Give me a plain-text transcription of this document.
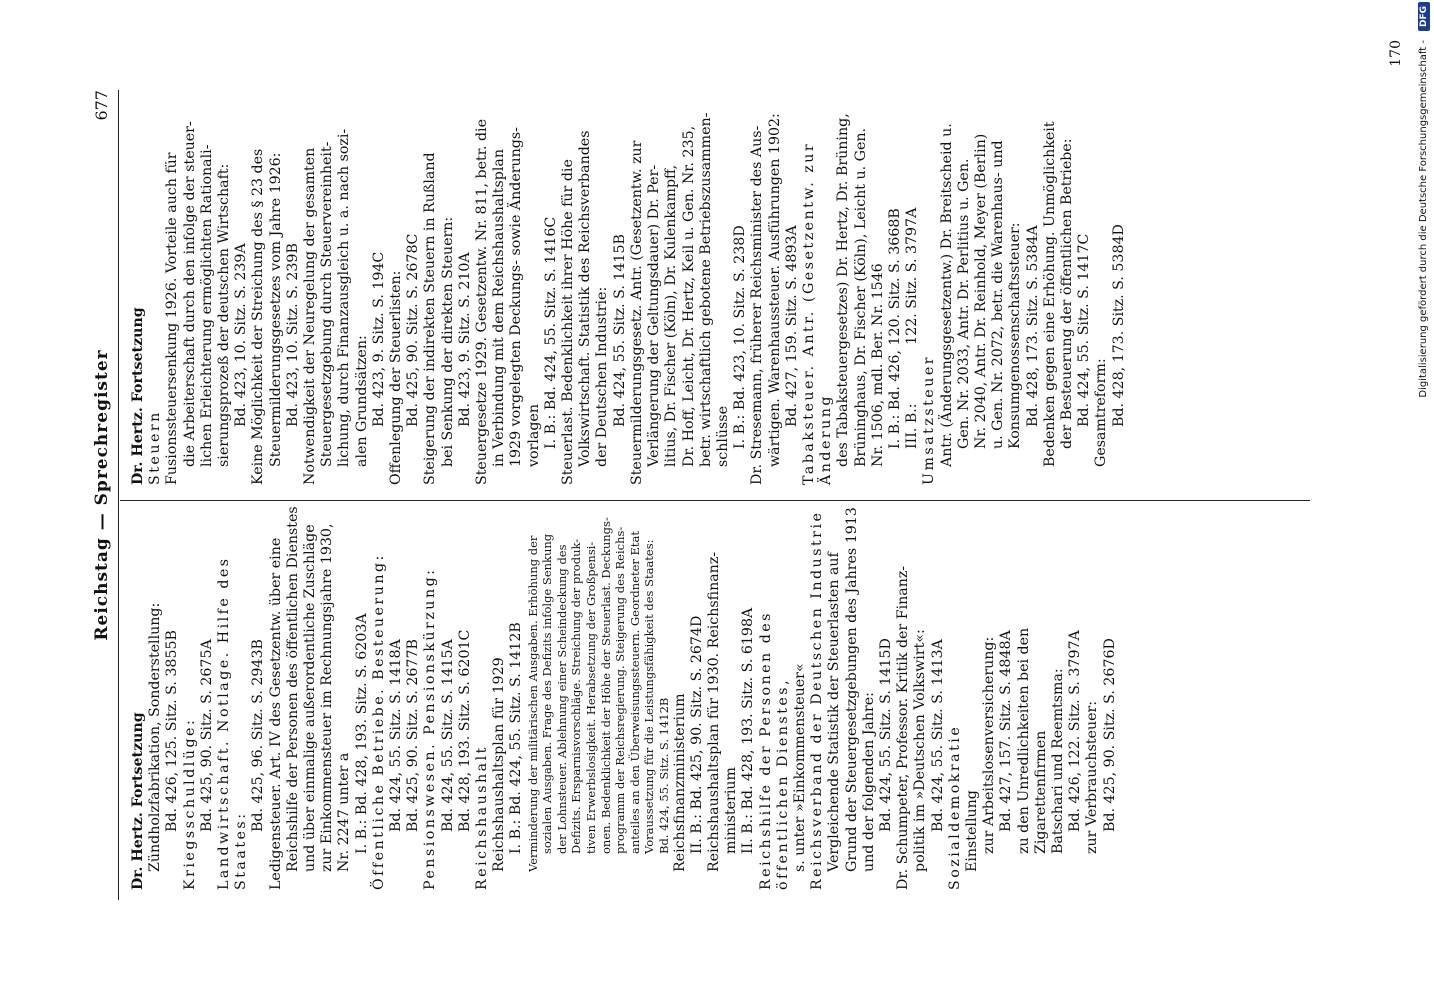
Reichstag — Sprechregister
677
Dr. Hertz. Fortsetzung Zündholzfabrikation, Sonderstellung: Bd. 426, 125. Sitz. S. 3855B Kriegsschuldlüge: Bd. 425, 90. Sitz. S. 2675A Landwirtschaft. Notlage. Hilfe des Staates:
Bd. 425, 96. Sitz. S. 2943B Ledigensteuer. Art. IV des Gesetzentw. über eine Reichshilfe der Personen des öffentlichen Dienstes und über einmalige außerordentliche Zuschläge zur Einkommensteuer im Rechnungsjahre 1930, Nr. 2247 unter a I. B.: Bd. 428, 193. Sitz. S. 6203A Öffentliche Betriebe. Besteuerung: Bd. 424, 55. Sitz. S. 1418A Bd. 425, 90. Sitz. S. 2677B Pensionswesen. Pensionskürzung: Bd. 424, 55. Sitz. S. 1415A Bd. 428, 193. Sitz. S. 6201C Reichshaushalt Reichshaushaltsplan für 1929 I. B.: Bd. 424, 55. Sitz. S. 1412B Verminderung der militärischen Ausgaben. Erhöhung der sozialen Ausgaben. Frage des Defizits infolge Senkung der Lohnsteuer. Ablehnung einer Scheindeckung des Defizits. Ersparnisvorschläge. Streichung der produk- tiven Erwerbslosigkeit. Herabsetzung der Großpensi- onen. Bedenklichkeit der Höhe der Steuerlast. Deckungs- programm der Reichsregierung. Steigerung des Reichs- anteiles an den Überweisungssteuern. Geordneter Etat Voraussetzung für die Leistungsfähigkeit des Staates: Bd. 424, 55. Sitz. S. 1412B Reichsfinanzministerium II. B.: Bd. 425, 90. Sitz. S. 2674D Reichshaushaltsplan für 1930. Reichsfinanz- ministerium II. B.: Bd. 428, 193. Sitz. S. 6198A Reichshilfe der Personen des öffentlichen Dienstes, s. unter »Einkommensteuer« Reichsverband der Deutschen Industrie Vergleichende Statistik der Steuerlasten auf Grund der Steuergesetzgebungen des Jahres 1913 und der folgenden Jahre: Bd. 424, 55. Sitz. S. 1415D Dr. Schumpeter, Professor. Kritik der Finanz- politik im »Deutschen Volkswirt«: Bd. 424, 55. Sitz. S. 1413A Sozialdemokratie Einstellung zur Arbeitslosenversicherung: Bd. 427, 157. Sitz. S. 4848A zu den Unredlichkeiten bei den Zigarettenfirmen Batschari und Reemtsma: Bd. 426, 122. Sitz. S. 3797A zur Verbrauchsteuer: Bd. 425, 90. Sitz. S. 2676D
Dr. Hertz. Fortsetzung Steuern Fusionssteuersenkung 1926. Vorteile auch für die Arbeiterschaft durch den infolge der steuer- lichen Erleichterung ermöglichten Rationali- sierungsprozeß der deutschen Wirtschaft: Bd. 423, 10. Sitz. S. 239A Keine Möglichkeit der Streichung des § 23 des Steuermilderungsgesetzes vom Jahre 1926: Bd. 423, 10. Sitz. S. 239B Notwendigkeit der Neuregelung der gesamten Steuergesetzgebung durch Steuervereinheit- lichung, durch Finanzausgleich u. a. nach sozi- alen Grundsätzen: Bd. 423, 9. Sitz. S. 194C Offenlegung der Steuerlisten: Bd. 425, 90. Sitz. S. 2678C Steigerung der indirekten Steuern in Rußland bei Senkung der direkten Steuern: Bd. 423, 9. Sitz. S. 210A Steuergesetze 1929. Gesetzentw. Nr. 811, betr. die in Verbindung mit dem Reichshaushaltsplan 1929 vorgelegten Deckungs- sowie Änderungs- vorlagen I. B.: Bd. 424, 55. Sitz. S. 1416C Steuerlast. Bedenklichkeit ihrer Höhe für die Volkswirtschaft. Statistik des Reichsverbandes der Deutschen Industrie: Bd. 424, 55. Sitz. S. 1415B Steuermilderungsgesetz. Antr. (Gesetzentw. zur Verlängerung der Geltungsdauer) Dr. Per- litius, Dr. Fischer (Köln), Dr. Kulenkampff, Dr. Hoff, Leicht, Dr. Hertz, Keil u. Gen. Nr. 235, betr. wirtschaftlich gebotene Betriebszusammen- schlüsse I. B.: Bd. 423, 10. Sitz. S. 238D Dr. Stresemann, früherer Reichsminister des Aus- wärtigen. Warenhaussteuer. Ausführungen 1902: Bd. 427, 159. Sitz. S. 4893A Tabaksteuer. Antr. (Gesetzentw. zur Änderung des Tabaksteuergesetzes) Dr. Hertz, Dr. Brüning, Brüninghaus, Dr. Fischer (Köln), Leicht u. Gen. Nr. 1506, mdl. Ber. Nr. 1546 I. B.: Bd. 426, 120. Sitz. S. 3668B III. B.:             122. Sitz. S. 3797A Umsatzsteuer Antr. (Änderungsgesetzentw.) Dr. Breitscheid u. Gen. Nr. 2033, Antr. Dr. Perlitius u. Gen. Nr. 2040, Antr. Dr. Reinhold, Meyer (Berlin) u. Gen. Nr. 2072, betr. die Warenhaus- und Konsumgenossenschaftssteuer: Bd. 428, 173. Sitz. S. 5384A Bedenken gegen eine Erhöhung. Unmöglichkeit der Besteuerung der öffentlichen Betriebe: Bd. 424, 55. Sitz. S. 1417C Gesamtreform: Bd. 428, 173. Sitz. S. 5384D
170 Digitalisierung gefördert durch die Deutsche Forschungsgemeinschaft -
DFG
